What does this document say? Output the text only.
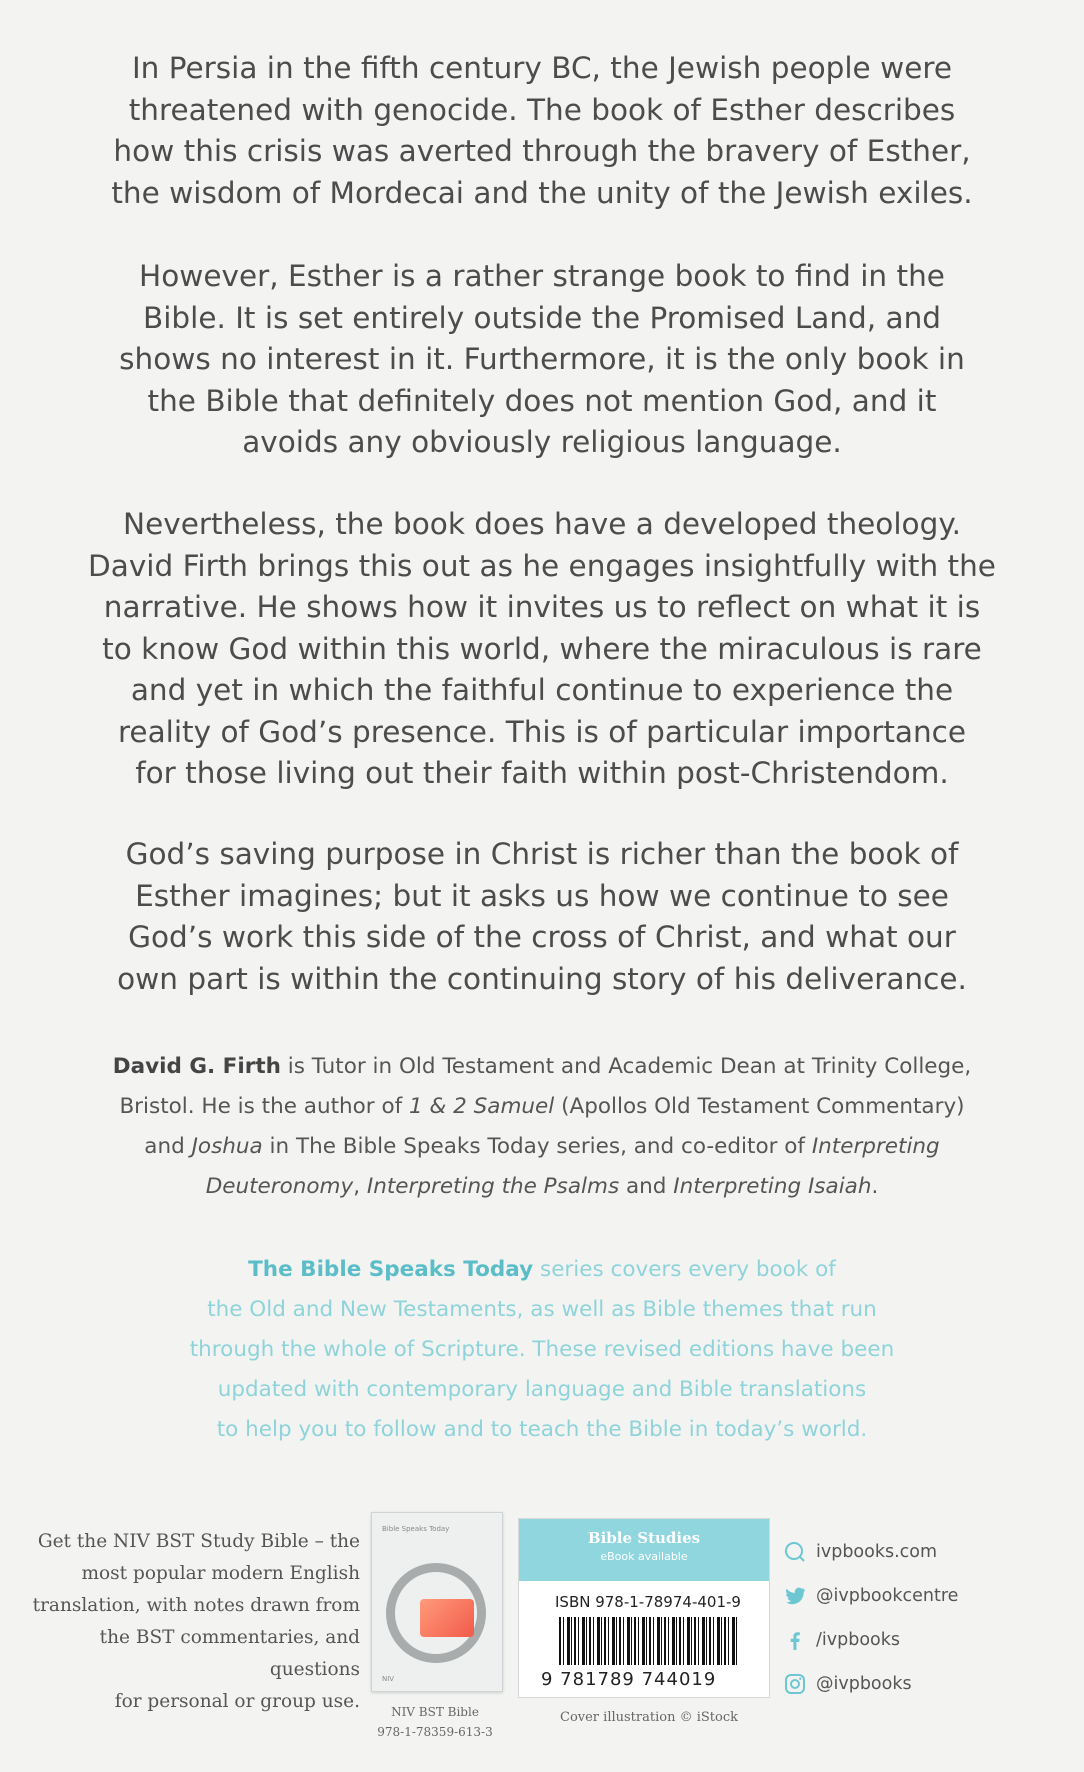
In Persia in the fifth century BC, the Jewish people were
threatened with genocide. The book of Esther describes
how this crisis was averted through the bravery of Esther,
the wisdom of Mordecai and the unity of the Jewish exiles.

However, Esther is a rather strange book to find in the
Bible. It is set entirely outside the Promised Land, and
shows no interest in it. Furthermore, it is the only book in
the Bible that definitely does not mention God, and it
avoids any obviously religious language.

Nevertheless, the book does have a developed theology.
David Firth brings this out as he engages insightfully with the
narrative. He shows how it invites us to reflect on what it is
to know God within this world, where the miraculous is rare
and yet in which the faithful continue to experience the
reality of God’s presence. This is of particular importance
for those living out their faith within post-Christendom.

God’s saving purpose in Christ is richer than the book of
Esther imagines; but it asks us how we continue to see
God’s work this side of the cross of Christ, and what our
own part is within the continuing story of his deliverance.

David G. Firth is Tutor in Old Testament and Academic Dean at Trinity College,
Bristol. He is the author of 1 & 2 Samuel (Apollos Old Testament Commentary)
and Joshua in The Bible Speaks Today series, and co-editor of Interpreting
Deuteronomy, Interpreting the Psalms and Interpreting Isaiah.

The Bible Speaks Today series covers every book of
the Old and New Testaments, as well as Bible themes that run
through the whole of Scripture. These revised editions have been
updated with contemporary language and Bible translations
to help you to follow and to teach the Bible in today’s world.

Get the NIV BST Study Bible – the
most popular modern English
translation, with notes drawn from
the BST commentaries, and questions
for personal or group use.
Bible Speaks Today
NIV
NIV BST Bible
978-1-78359-613-3
Bible Studies
eBook available
ISBN 978-1-78974-401-9
9 781789 744019
Cover illustration © iStock
ivpbooks.com
@ivpbookcentre
/ivpbooks
@ivpbooks
